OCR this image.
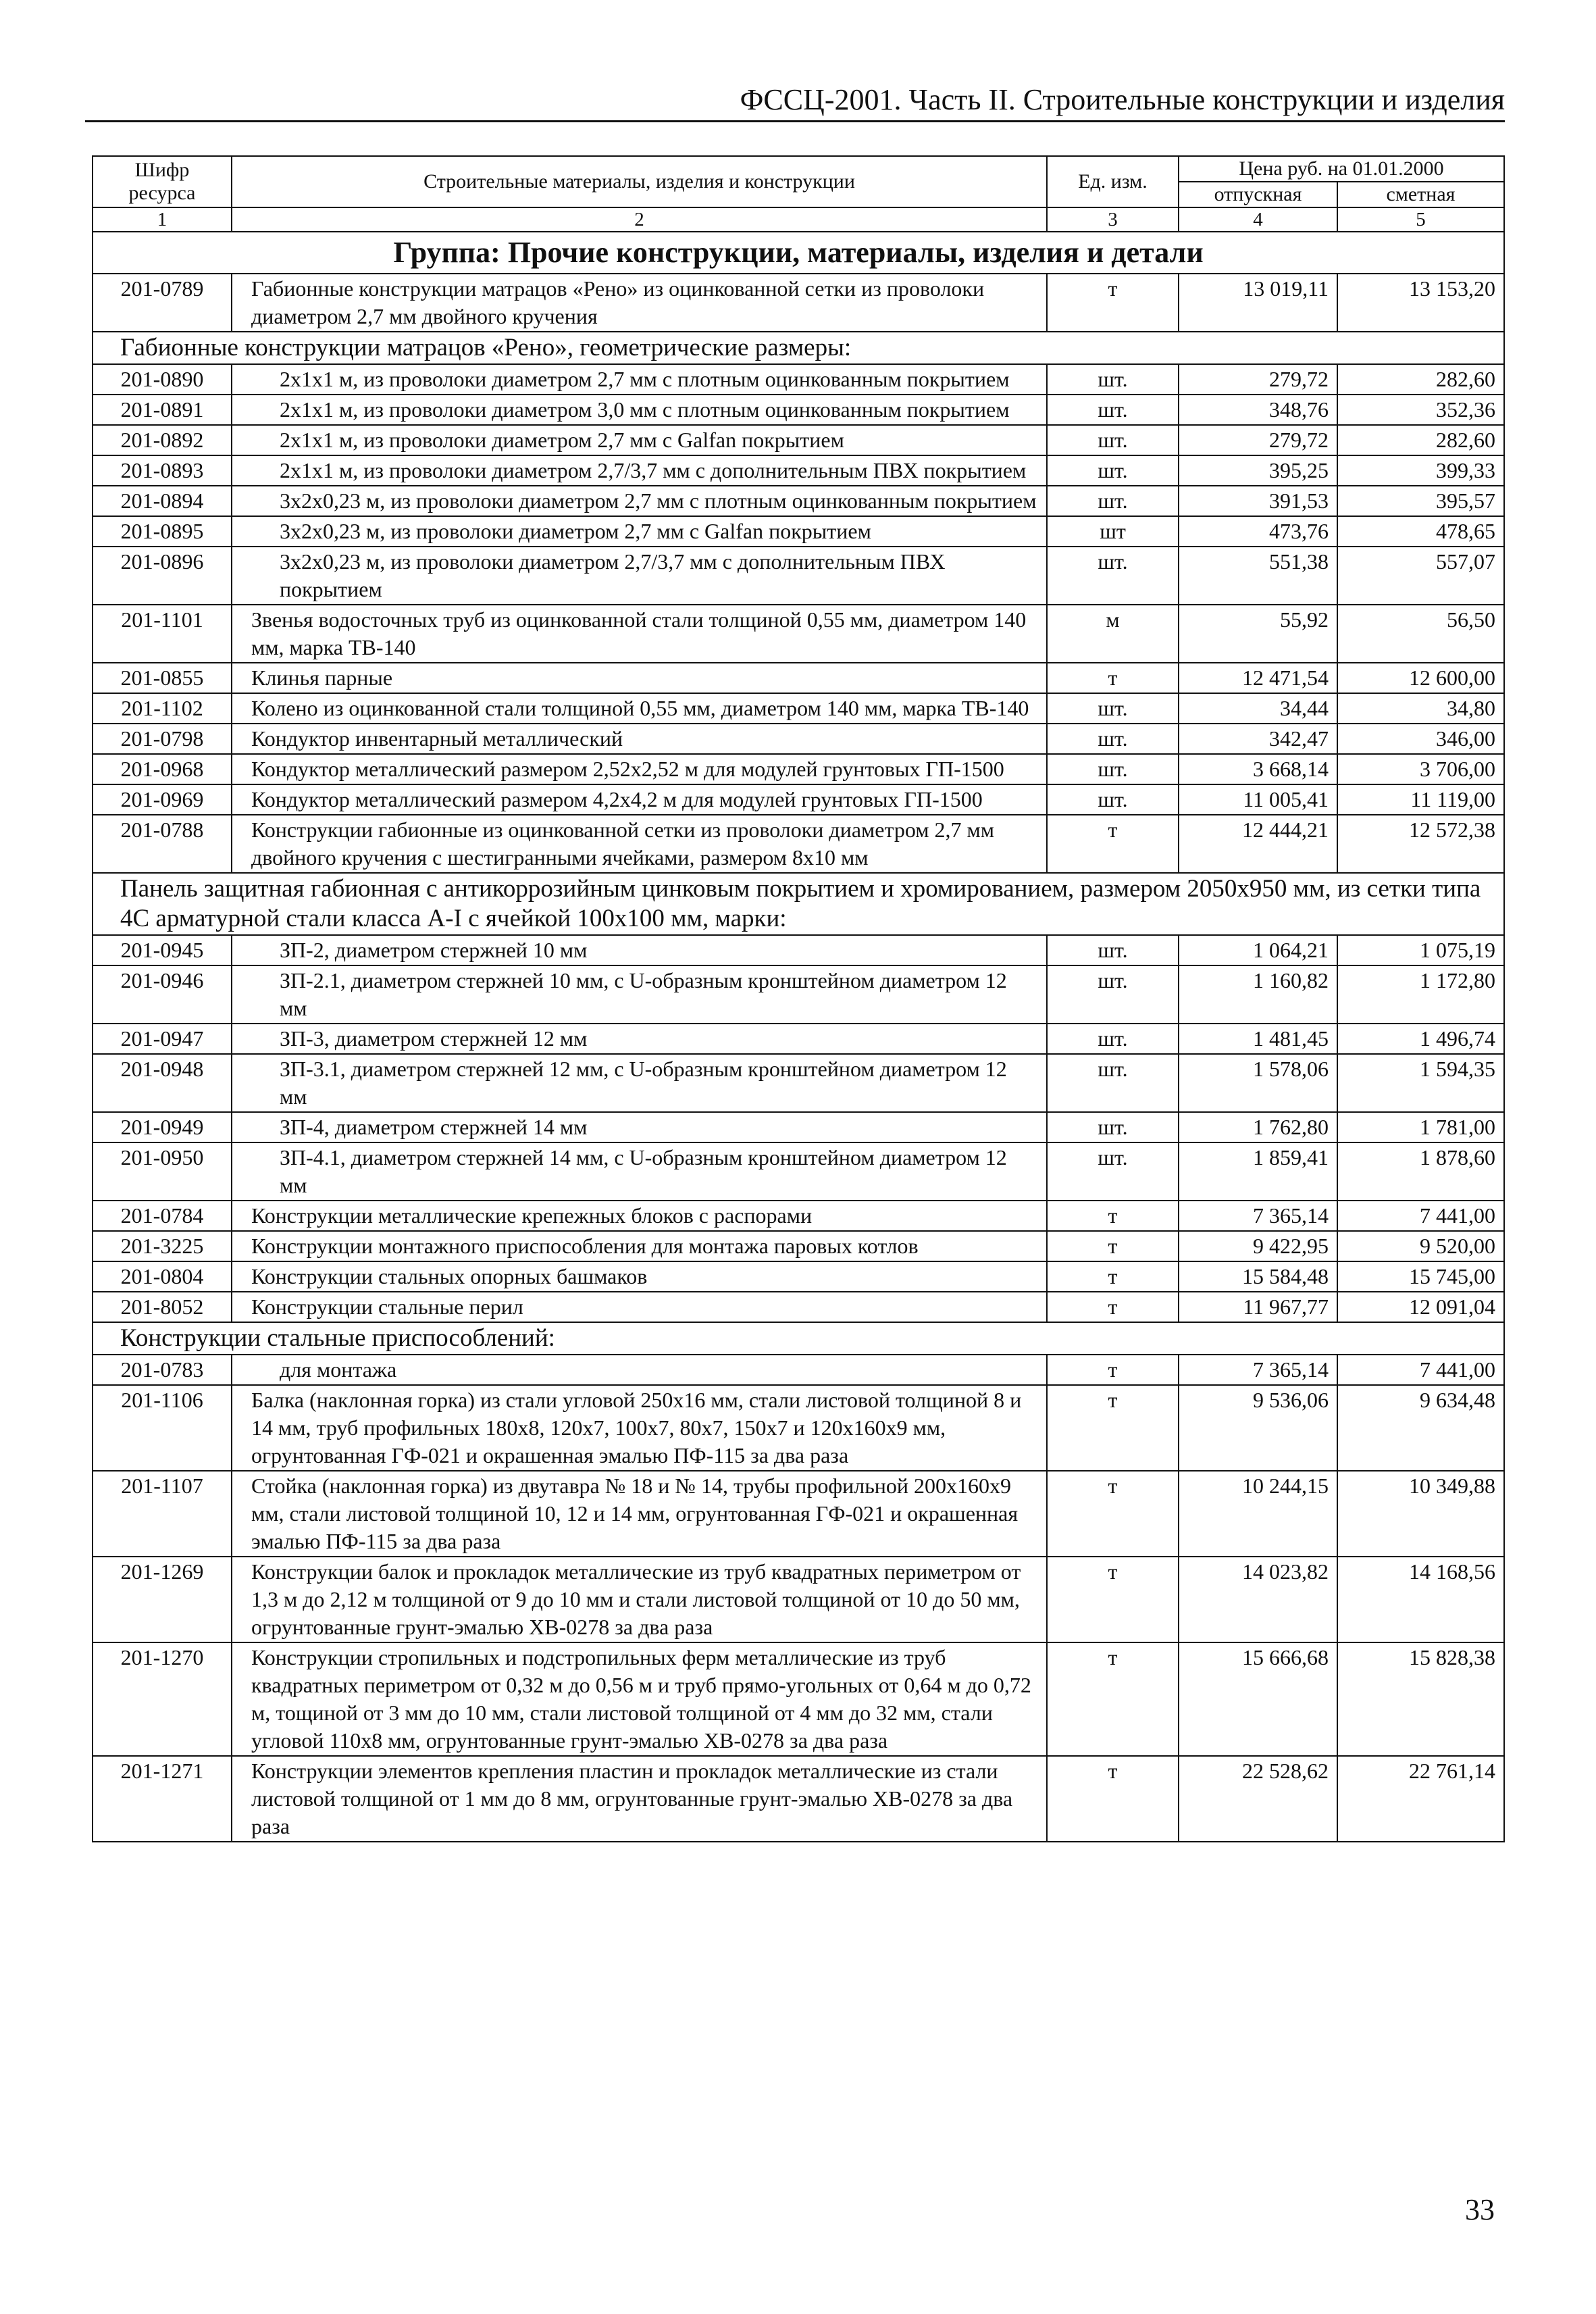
ФССЦ-2001. Часть II. Строительные конструкции и изделия
Шифр ресурса	Строительные материалы, изделия и конструкции	Ед. изм.	Цена руб. на 01.01.2000	
			отпускная	сметная
1	2	3	4	5
Группа: Прочие конструкции, материалы, изделия и детали				
201-0789	Габионные конструкции матрацов «Рено» из оцинкованной сетки из проволоки диаметром 2,7 мм двойного кручения	т	13 019,11	13 153,20
Габионные конструкции матрацов «Рено», геометрические размеры:				
201-0890	2x1x1 м, из проволоки диаметром 2,7 мм с плотным оцинкованным покрытием	шт.	279,72	282,60
201-0891	2x1x1 м, из проволоки диаметром 3,0 мм с плотным оцинкованным покрытием	шт.	348,76	352,36
201-0892	2x1x1 м, из проволоки диаметром 2,7 мм с Galfan покрытием	шт.	279,72	282,60
201-0893	2x1x1 м, из проволоки диаметром 2,7/3,7 мм с дополнительным ПВХ покрытием	шт.	395,25	399,33
201-0894	3x2x0,23 м, из проволоки диаметром 2,7 мм с плотным оцинкованным покрытием	шт.	391,53	395,57
201-0895	3x2x0,23 м, из проволоки диаметром 2,7 мм с Galfan покрытием	шт	473,76	478,65
201-0896	3x2x0,23 м, из проволоки диаметром 2,7/3,7 мм с дополнительным ПВХ покрытием	шт.	551,38	557,07
201-1101	Звенья водосточных труб из оцинкованной стали толщиной 0,55 мм, диаметром 140 мм, марка ТВ-140	м	55,92	56,50
201-0855	Клинья парные	т	12 471,54	12 600,00
201-1102	Колено из оцинкованной стали толщиной 0,55 мм, диаметром 140 мм, марка ТВ-140	шт.	34,44	34,80
201-0798	Кондуктор инвентарный металлический	шт.	342,47	346,00
201-0968	Кондуктор металлический размером 2,52x2,52 м для модулей грунтовых ГП-1500	шт.	3 668,14	3 706,00
201-0969	Кондуктор металлический размером 4,2x4,2 м для модулей грунтовых ГП-1500	шт.	11 005,41	11 119,00
201-0788	Конструкции габионные из оцинкованной сетки из проволоки диаметром 2,7 мм двойного кручения с шестигранными ячейками, размером 8x10 мм	т	12 444,21	12 572,38
Панель защитная габионная с антикоррозийным цинковым покрытием и хромированием, размером 2050x950 мм, из сетки типа 4С арматурной стали класса А-I с ячейкой 100x100 мм, марки:				
201-0945	ЗП-2, диаметром стержней 10 мм	шт.	1 064,21	1 075,19
201-0946	ЗП-2.1, диаметром стержней 10 мм, с U-образным кронштейном диаметром 12 мм	шт.	1 160,82	1 172,80
201-0947	ЗП-3, диаметром стержней 12 мм	шт.	1 481,45	1 496,74
201-0948	ЗП-3.1, диаметром стержней 12 мм, с U-образным кронштейном диаметром 12 мм	шт.	1 578,06	1 594,35
201-0949	ЗП-4, диаметром стержней 14 мм	шт.	1 762,80	1 781,00
201-0950	ЗП-4.1, диаметром стержней 14 мм, с U-образным кронштейном диаметром 12 мм	шт.	1 859,41	1 878,60
201-0784	Конструкции металлические крепежных блоков с распорами	т	7 365,14	7 441,00
201-3225	Конструкции монтажного приспособления для монтажа паровых котлов	т	9 422,95	9 520,00
201-0804	Конструкции стальных опорных башмаков	т	15 584,48	15 745,00
201-8052	Конструкции стальные перил	т	11 967,77	12 091,04
Конструкции стальные приспособлений:				
201-0783	для монтажа	т	7 365,14	7 441,00
201-1106	Балка (наклонная горка) из стали угловой 250x16 мм, стали листовой толщиной 8 и 14 мм, труб профильных 180x8, 120x7, 100x7, 80x7, 150x7 и 120x160x9 мм, огрунтованная ГФ-021 и окрашенная эмалью ПФ-115 за два раза	т	9 536,06	9 634,48
201-1107	Стойка (наклонная горка) из двутавра № 18 и № 14, трубы профильной 200x160x9 мм, стали листовой толщиной 10, 12 и 14 мм, огрунтованная ГФ-021 и окрашенная эмалью ПФ-115 за два раза	т	10 244,15	10 349,88
201-1269	Конструкции балок и прокладок металлические из труб квадратных периметром от 1,3 м до 2,12 м толщиной от 9 до 10 мм и стали листовой толщиной от 10 до 50 мм, огрунтованные грунт-эмалью ХВ-0278 за два раза	т	14 023,82	14 168,56
201-1270	Конструкции стропильных и подстропильных ферм металлические из труб квадратных периметром от 0,32 м до 0,56 м и труб прямо-угольных от 0,64 м до 0,72 м, тощиной от 3 мм до 10 мм, стали листовой толщиной от 4 мм до 32 мм, стали угловой 110x8 мм, огрунтованные грунт-эмалью ХВ-0278 за два раза	т	15 666,68	15 828,38
201-1271	Конструкции элементов крепления пластин и прокладок металлические из стали листовой толщиной от 1 мм до 8 мм, огрунтованные грунт-эмалью ХВ-0278 за два раза	т	22 528,62	22 761,14
33
